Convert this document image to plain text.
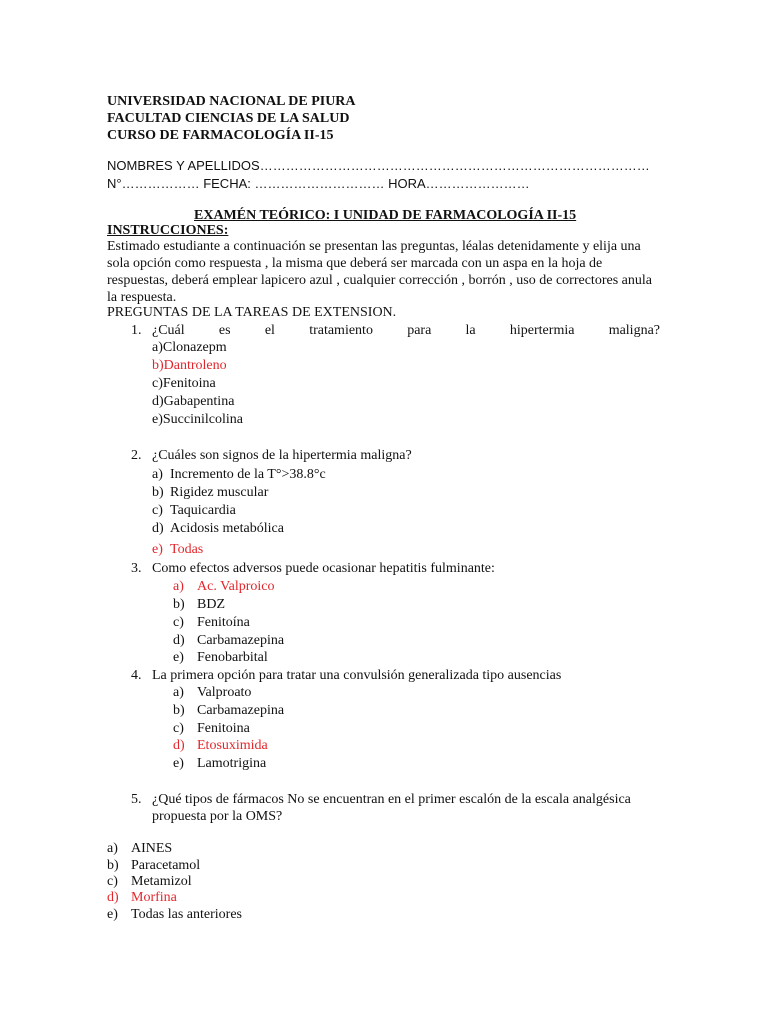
UNIVERSIDAD NACIONAL DE PIURA
FACULTAD CIENCIAS DE LA SALUD
CURSO DE FARMACOLOGÍA II-15
NOMBRES Y APELLIDOS………………………………………………………………………………
N°……………… FECHA: ………………………… HORA……………………
EXAMÉN TEÓRICO: I UNIDAD DE FARMACOLOGÍA II-15
INSTRUCCIONES:
Estimado estudiante a continuación se presentan las preguntas, léalas detenidamente y elija una sola opción como respuesta , la misma que deberá ser marcada con un aspa en la hoja de respuestas, deberá emplear lapicero azul , cualquier corrección , borrón , uso de correctores anula la respuesta.
PREGUNTAS DE LA TAREAS DE EXTENSION.
1. ¿Cuál es el tratamiento para la hipertermia maligna?
a)Clonazepm
b)Dantroleno
c)Fenitoina
d)Gabapentina
e)Succinilcolina
2. ¿Cuáles son signos de la hipertermia maligna?
a) Incremento de la T°>38.8°c
b) Rigidez muscular
c) Taquicardia
d) Acidosis metabólica
e) Todas
3. Como efectos adversos puede ocasionar hepatitis fulminante:
a) Ac. Valproico
b) BDZ
c) Fenitoína
d) Carbamazepina
e) Fenobarbital
4. La primera opción para tratar una convulsión generalizada tipo ausencias
a) Valproato
b) Carbamazepina
c) Fenitoina
d) Etosuximida
e) Lamotrigina
5. ¿Qué tipos de fármacos No se encuentran en el primer escalón de la escala analgésica propuesta por la OMS?
a) AINES
b) Paracetamol
c) Metamizol
d) Morfina
e) Todas las anteriores
